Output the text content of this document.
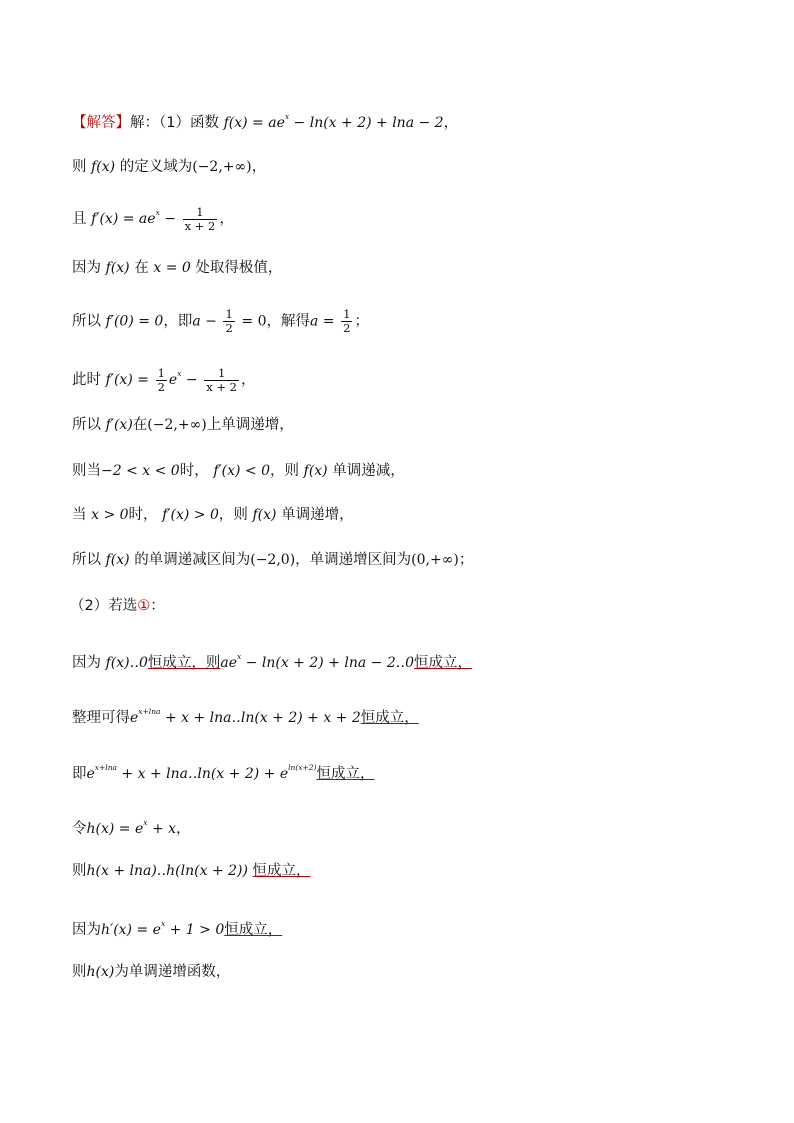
【解答】解：（1）函数 $f(x) = ae^x - \ln(x + 2) + \ln a - 2$，
则 f(x) 的定义域为(−2,+∞)，
且 $f'(x) = ae^x - \frac{1}{x + 2}$ ，
因为 f(x) 在 x = 0 处取得极值，
所以 f′(0) = 0，即$a - \frac{1}{2} = 0$，解得$a = \frac{1}{2}$ ；
此时 $f'(x) = \frac{1}{2} e^x - \frac{1}{x + 2}$ ，
所以 f′(x)在(−2,+∞)上单调递增，
则当−2 < x < 0时， f′(x) < 0，则 f(x) 单调递减，
当 x > 0时， f′(x) > 0，则 f(x) 单调递增，
所以 f(x) 的单调递减区间为(−2,0)，单调递增区间为(0,+∞)；
（2）若选①：
因为 f(x)‥0恒成立，则$ae^x - \ln(x + 2) + \ln a$ − 2‥0恒成立，
整理可得$e^{x+lna} + x$ + lna‥ln(x + 2) + x + 2恒成立，
即$e^{x+lna} + x$ + lna‥ln(x + $2) + e^{ln(x+2)}$恒成立，
令$h(x) = e^x + x$，
则h(x + lna)‥h(ln(x + 2)) 恒成立，
因为$h'(x) = e^x + 1 > 0$恒成立，
则h(x)为单调递增函数，
